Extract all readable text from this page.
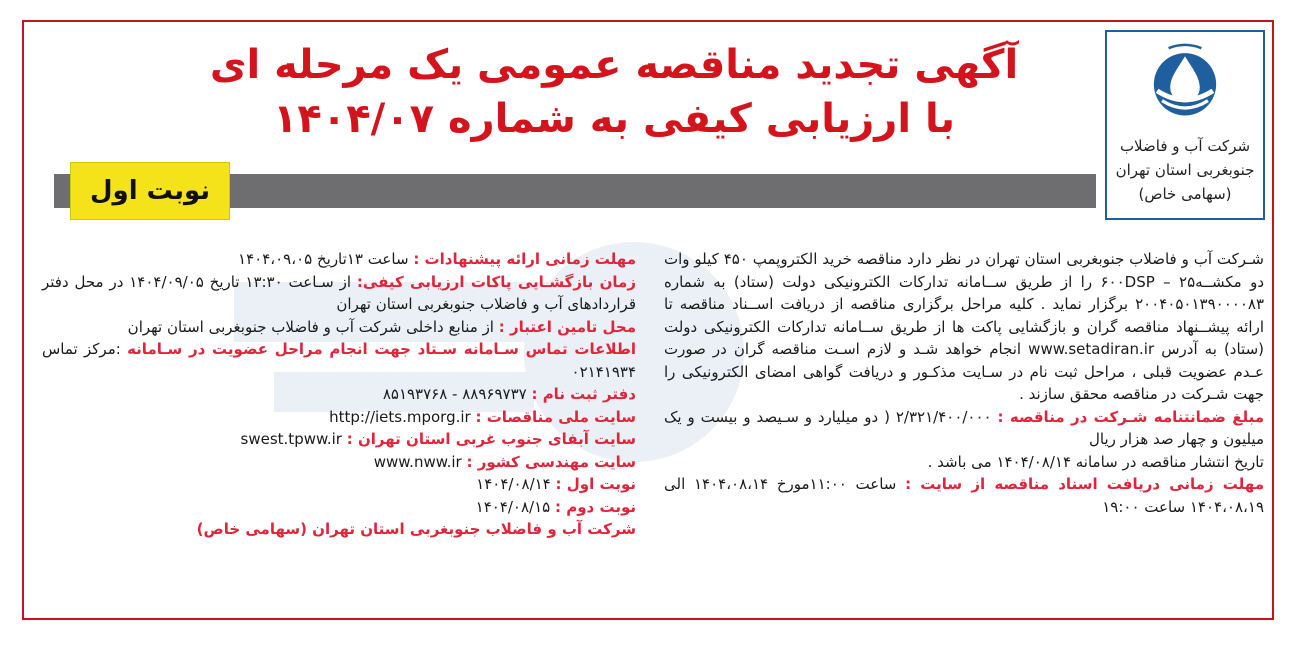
شرکت آب و فاضلاب
جنوبغربی استان تهران
(سهامی خاص)
آگهی تجدید مناقصه عمومی یک مرحله ای
با ارزیابی کیفی به شماره ۱۴۰۴/۰۷
نوبت اول
شـرکت آب و فاضلاب جنوبغربی استان تهران در نظر دارد مناقصه خرید الکتروپمپ ۴۵۰ کیلو وات دو مکشــه۲۵ – ۶۰۰DSP را از طریق ســامانه تدارکات الکترونیکی دولت (ستاد) به شماره ۲۰۰۴۰۵۰۱۳۹۰۰۰۰۸۳ برگزار نماید . کلیه مراحل برگزاری مناقصه از دریافت اســناد مناقصه تا ارائه پیشــنهاد مناقصه گران و بازگشایی پاکت ها از طریق ســامانه تدارکات الکترونیکی دولت (ستاد) به آدرس www.setadiran.ir انجام خواهد شـد و لازم اسـت مناقصه گران در صورت عـدم عضویت قبلی ، مراحل ثبت نام در سـایت مذکـور و دریافت گواهی امضای الکترونیکی را جهت شـرکت در مناقصه محقق سازند .
مبلغ ضمانتنامه شـرکت در مناقصه : ۲/۳۲۱/۴۰۰/۰۰۰ ( دو میلیارد و سـیصد و بیست و یک میلیون و چهار صد هزار ریال
تاریخ انتشار مناقصه در سامانه ۱۴۰۴/۰۸/۱۴ می باشد .
مهلت زمانی دریافت اسناد مناقصه از سایت : ساعت ۱۱:۰۰مورخ ۱۴۰۴،۰۸،۱۴ الی ۱۴۰۴،۰۸،۱۹ ساعت ۱۹:۰۰
مهلت زمانی ارائه پیشنهادات : ساعت ۱۳تاریخ ۱۴۰۴،۰۹،۰۵
زمان بازگشـایی پاکات ارزیابی کیفی: از سـاعت ۱۳:۳۰ تاریخ ۱۴۰۴/۰۹/۰۵ در محل دفتر قراردادهای آب و فاضلاب جنوبغربی استان تهران
محل تامین اعتبار : از منابع داخلی شرکت آب و فاضلاب جنوبغربی استان تهران
اطلاعات تماس سـامانه سـتاد جهت انجام مراحل عضویت در سـامانه :مرکز تماس ۰۲۱۴۱۹۳۴
دفتر ثبت نام : ۸۸۹۶۹۷۳۷ - ۸۵۱۹۳۷۶۸
سایت ملی مناقصات : http://iets.mporg.ir
سایت آبفای جنوب غربی استان تهران : swest.tpww.ir
سایت مهندسی کشور : www.nww.ir
نوبت اول : ۱۴۰۴/۰۸/۱۴
نوبت دوم : ۱۴۰۴/۰۸/۱۵
شرکت آب و فاضلاب جنوبغربی استان تهران (سهامی خاص)
